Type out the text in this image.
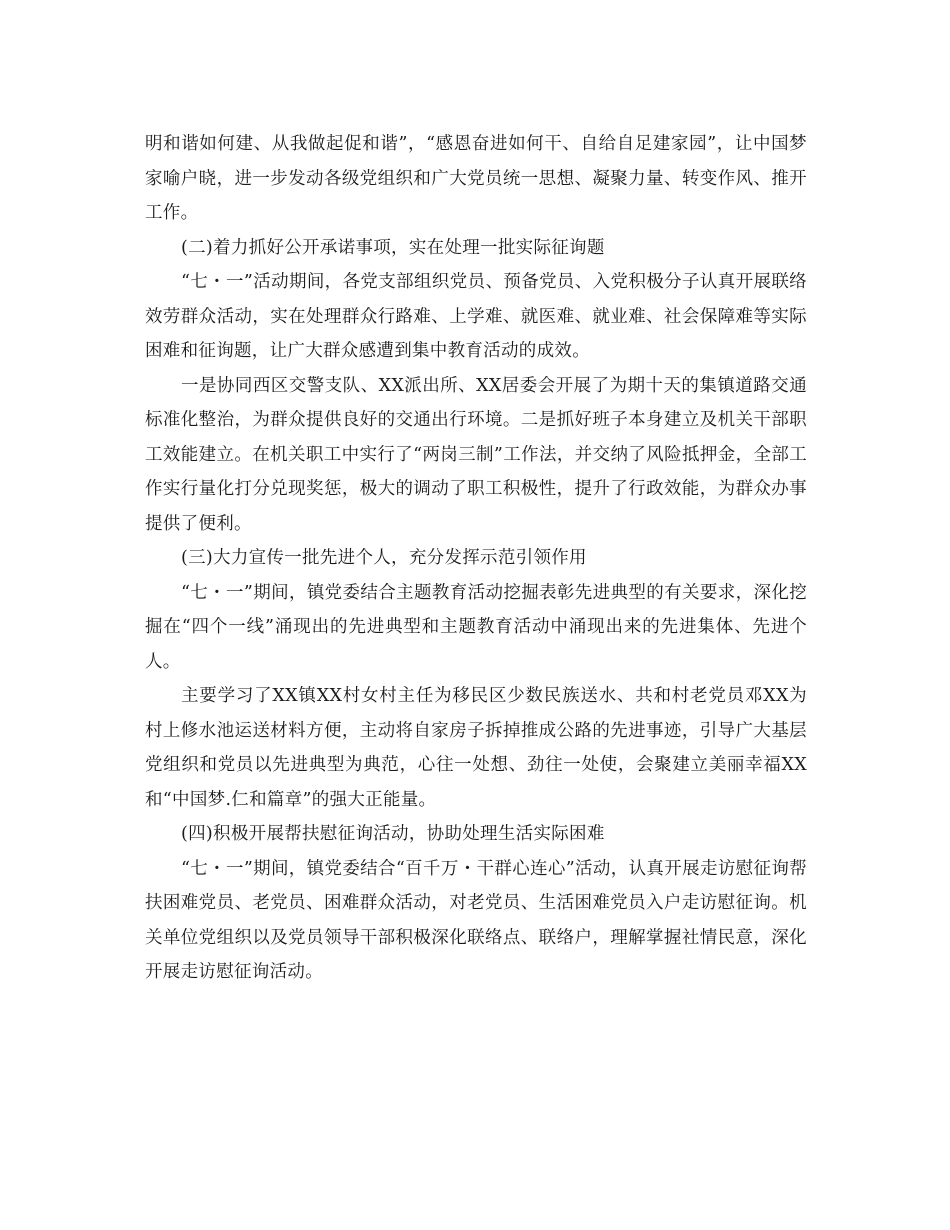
明和谐如何建、从我做起促和谐”，“感恩奋进如何干、自给自足建家园”，让中国梦家喻户晓，进一步发动各级党组织和广大党员统一思想、凝聚力量、转变作风、推开工作。

(二)着力抓好公开承诺事项，实在处理一批实际征询题

“七・一”活动期间，各党支部组织党员、预备党员、入党积极分子认真开展联络效劳群众活动，实在处理群众行路难、上学难、就医难、就业难、社会保障难等实际困难和征询题，让广大群众感遭到集中教育活动的成效。

一是协同西区交警支队、XX派出所、XX居委会开展了为期十天的集镇道路交通标准化整治，为群众提供良好的交通出行环境。二是抓好班子本身建立及机关干部职工效能建立。在机关职工中实行了“两岗三制”工作法，并交纳了风险抵押金，全部工作实行量化打分兑现奖惩，极大的调动了职工积极性，提升了行政效能，为群众办事提供了便利。

(三)大力宣传一批先进个人，充分发挥示范引领作用

“七・一”期间，镇党委结合主题教育活动挖掘表彰先进典型的有关要求，深化挖掘在“四个一线”涌现出的先进典型和主题教育活动中涌现出来的先进集体、先进个人。

主要学习了XX镇XX村女村主任为移民区少数民族送水、共和村老党员邓XX为村上修水池运送材料方便，主动将自家房子拆掉推成公路的先进事迹，引导广大基层党组织和党员以先进典型为典范，心往一处想、劲往一处使，会聚建立美丽幸福XX和“中国梦.仁和篇章”的强大正能量。

(四)积极开展帮扶慰征询活动，协助处理生活实际困难

“七・一”期间，镇党委结合“百千万・干群心连心”活动，认真开展走访慰征询帮扶困难党员、老党员、困难群众活动，对老党员、生活困难党员入户走访慰征询。机关单位党组织以及党员领导干部积极深化联络点、联络户，理解掌握社情民意，深化开展走访慰征询活动。
